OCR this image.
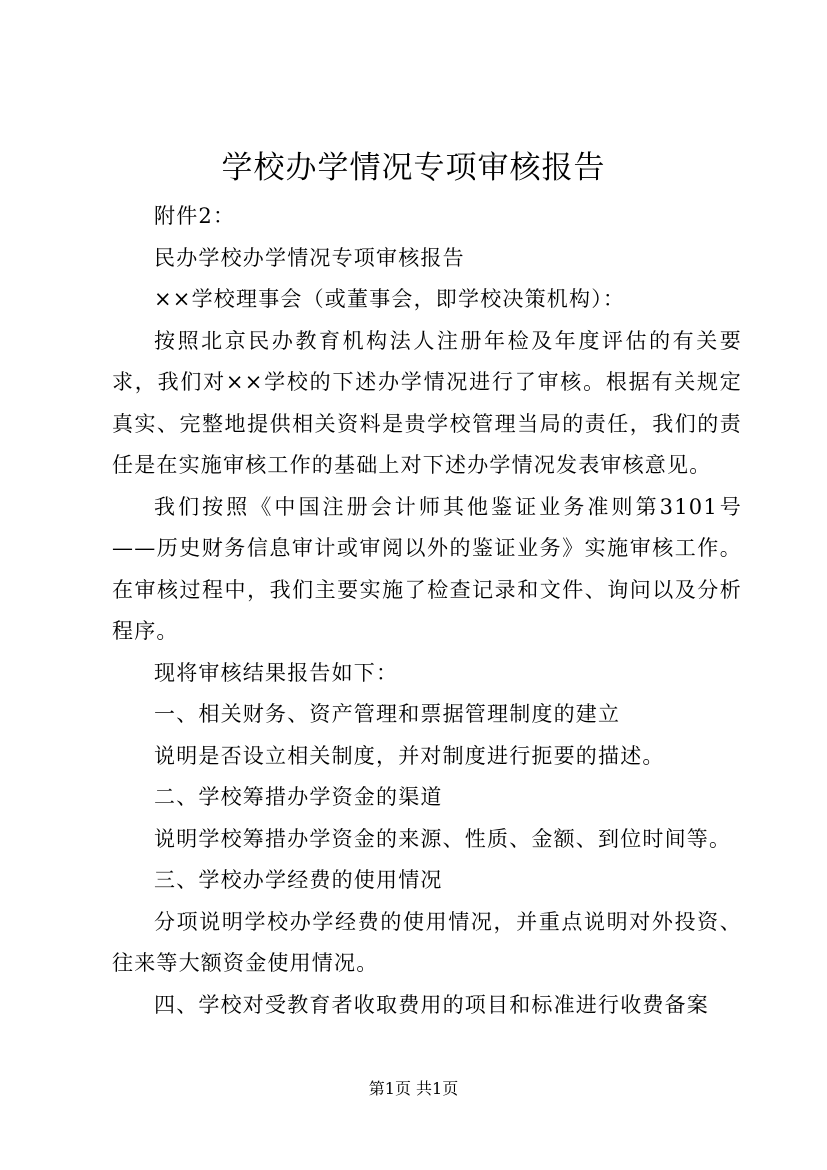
学校办学情况专项审核报告

附件2：

民办学校办学情况专项审核报告

××学校理事会（或董事会，即学校决策机构）：

按照北京民办教育机构法人注册年检及年度评估的有关要求，我们对××学校的下述办学情况进行了审核。根据有关规定真实、完整地提供相关资料是贵学校管理当局的责任，我们的责任是在实施审核工作的基础上对下述办学情况发表审核意见。

我们按照《中国注册会计师其他鉴证业务准则第3101号——历史财务信息审计或审阅以外的鉴证业务》实施审核工作。在审核过程中，我们主要实施了检查记录和文件、询问以及分析程序。

现将审核结果报告如下：

一、相关财务、资产管理和票据管理制度的建立

说明是否设立相关制度，并对制度进行扼要的描述。

二、学校筹措办学资金的渠道

说明学校筹措办学资金的来源、性质、金额、到位时间等。

三、学校办学经费的使用情况

分项说明学校办学经费的使用情况，并重点说明对外投资、往来等大额资金使用情况。

四、学校对受教育者收取费用的项目和标准进行收费备案

第1页 共1页
